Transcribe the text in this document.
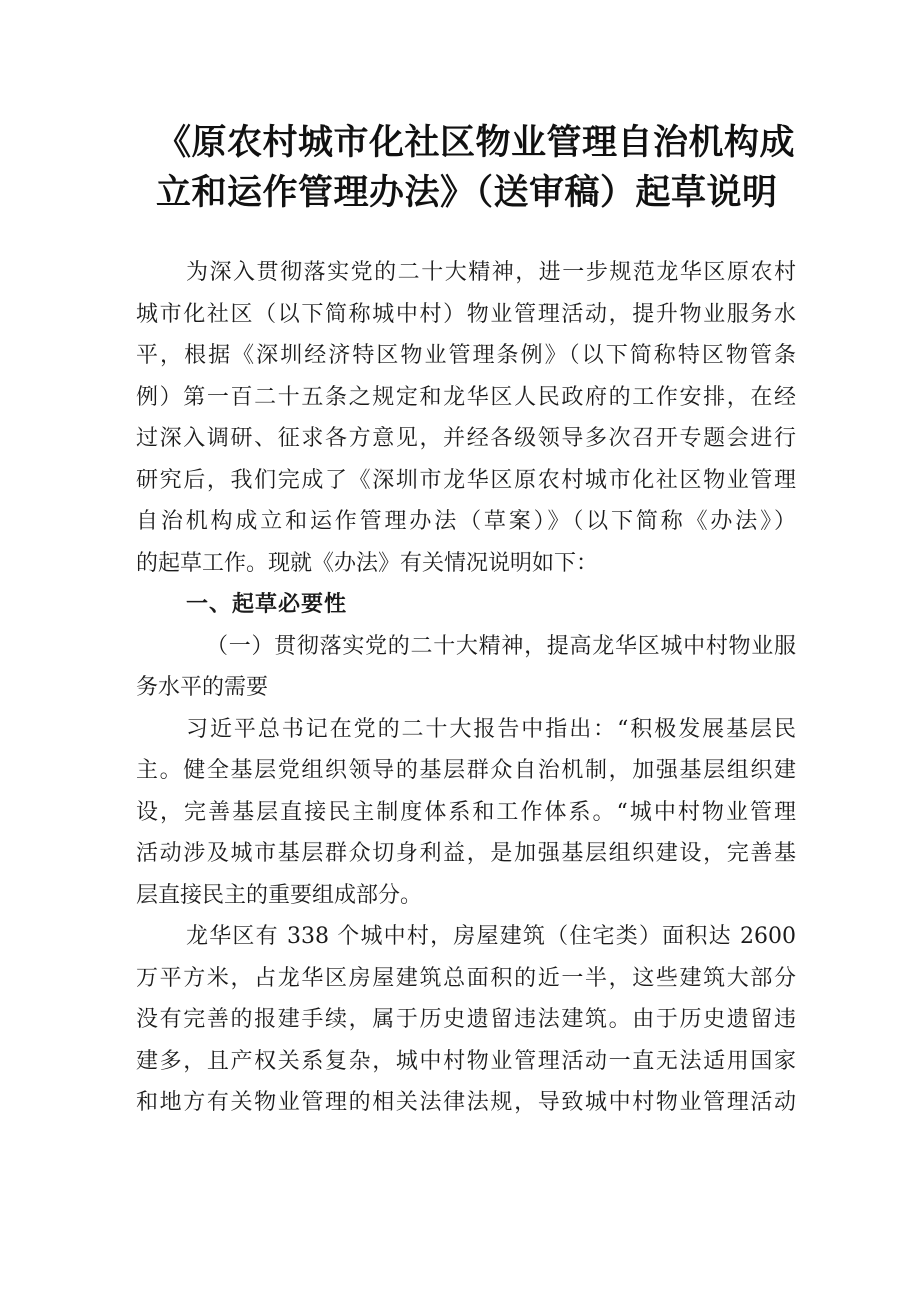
《原农村城市化社区物业管理自治机构成
立和运作管理办法》（送审稿）起草说明
为深入贯彻落实党的二十大精神，进一步规范龙华区原农村
城市化社区（以下简称城中村）物业管理活动，提升物业服务水
平，根据《深圳经济特区物业管理条例》（以下简称特区物管条
例）第一百二十五条之规定和龙华区人民政府的工作安排，在经
过深入调研、征求各方意见，并经各级领导多次召开专题会进行
研究后，我们完成了《深圳市龙华区原农村城市化社区物业管理
自治机构成立和运作管理办法（草案）》（以下简称《办法》）
的起草工作。现就《办法》有关情况说明如下：
一、起草必要性
（一）贯彻落实党的二十大精神，提高龙华区城中村物业服
务水平的需要
习近平总书记在党的二十大报告中指出：“积极发展基层民
主。健全基层党组织领导的基层群众自治机制，加强基层组织建
设，完善基层直接民主制度体系和工作体系。“城中村物业管理
活动涉及城市基层群众切身利益，是加强基层组织建设，完善基
层直接民主的重要组成部分。
龙华区有 338 个城中村，房屋建筑（住宅类）面积达 2600
万平方米，占龙华区房屋建筑总面积的近一半，这些建筑大部分
没有完善的报建手续，属于历史遗留违法建筑。由于历史遗留违
建多，且产权关系复杂，城中村物业管理活动一直无法适用国家
和地方有关物业管理的相关法律法规，导致城中村物业管理活动
